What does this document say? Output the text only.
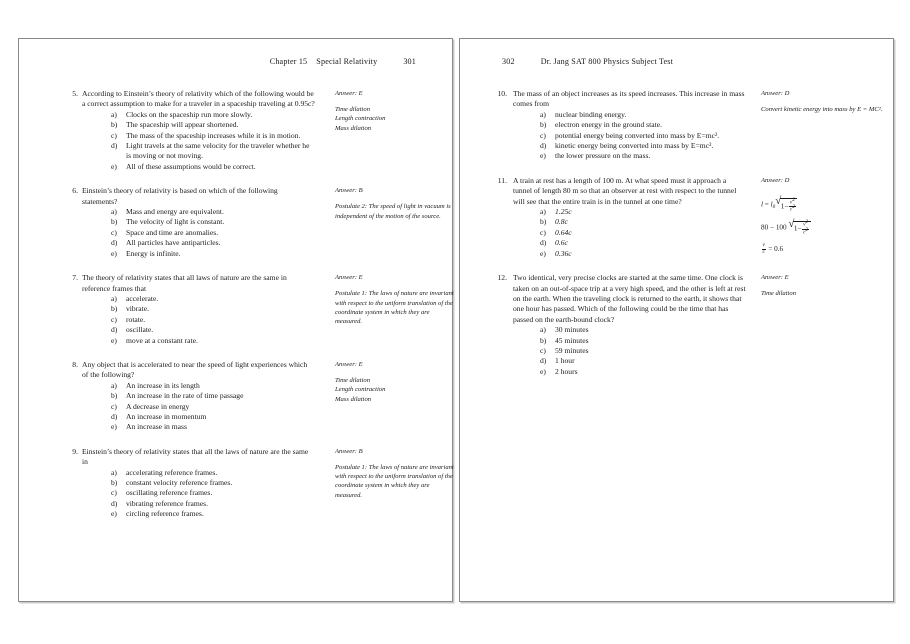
Chapter 15 Special Relativity	301
5. According to Einstein’s theory of relativity which of the following would be a correct assumption to make for a traveler in a spaceship traveling at 0.95c?
a)	Clocks on the spaceship run more slowly.
b)	The spaceship will appear shortened.
c)	The mass of the spaceship increases while it is in motion.
d)	Light travels at the same velocity for the traveler whether he is moving or not moving.
e)	All of these assumptions would be correct.
Answer: E
Time dilation
Length contraction
Mass dilation
6. Einstein’s theory of relativity is based on which of the following statements?
a)	Mass and energy are equivalent.
b)	The velocity of light is constant.
c)	Space and time are anomalies.
d)	All particles have antiparticles.
e)	Energy is infinite.
Answer: B
Postulate 2: The speed of light in vacuum is independent of the motion of the source.
7. The theory of relativity states that all laws of nature are the same in reference frames that
a)	accelerate.
b)	vibrate.
c)	rotate.
d)	oscillate.
e)	move at a constant rate.
Answer: E
Postulate 1: The laws of nature are invariant with respect to the uniform translation of the coordinate system in which they are measured.
8. Any object that is accelerated to near the speed of light experiences which of the following?
a)	An increase in its length
b)	An increase in the rate of time passage
c)	A decrease in energy
d)	An increase in momentum
e)	An increase in mass
Answer: E
Time dilation
Length contraction
Mass dilation
9. Einstein’s theory of relativity states that all the laws of nature are the same in
a)	accelerating reference frames.
b)	constant velocity reference frames.
c)	oscillating reference frames.
d)	vibrating reference frames.
e)	circling reference frames.
Answer: B
Postulate 1: The laws of nature are invariant with respect to the uniform translation of the coordinate system in which they are measured.
302	Dr. Jang SAT 800 Physics Subject Test
10. The mass of an object increases as its speed increases. This increase in mass comes from
a)	nuclear binding energy.
b)	electron energy in the ground state.
c)	potential energy being converted into mass by E=mc².
d)	kinetic energy being converted into mass by E=mc².
e)	the lower pressure on the mass.
Answer: D
Convert kinetic energy into mass by E = MC².
11. A train at rest has a length of 100 m. At what speed must it approach a tunnel of length 80 m so that an observer at rest with respect to the tunnel will see that the entire train is in the tunnel at one time?
a)	1.25c
b)	0.8c
c)	0.64c
d)	0.6c
e)	0.36c
Answer: D
$l = l_0$ √ $1- \frac{v^2}{c^2}$
80 − 100 √ $1- \frac{v^2}{c^2}$
$\frac{v}{c} = 0.6$
12. Two identical, very precise clocks are started at the same time. One clock is taken on an out-of-space trip at a very high speed, and the other is left at rest on the earth. When the traveling clock is returned to the earth, it shows that one hour has passed. Which of the following could be the time that has passed on the earth-bound clock?
a)	30 minutes
b)	45 minutes
c)	59 minutes
d)	1 hour
e)	2 hours
Answer: E
Time dilation
